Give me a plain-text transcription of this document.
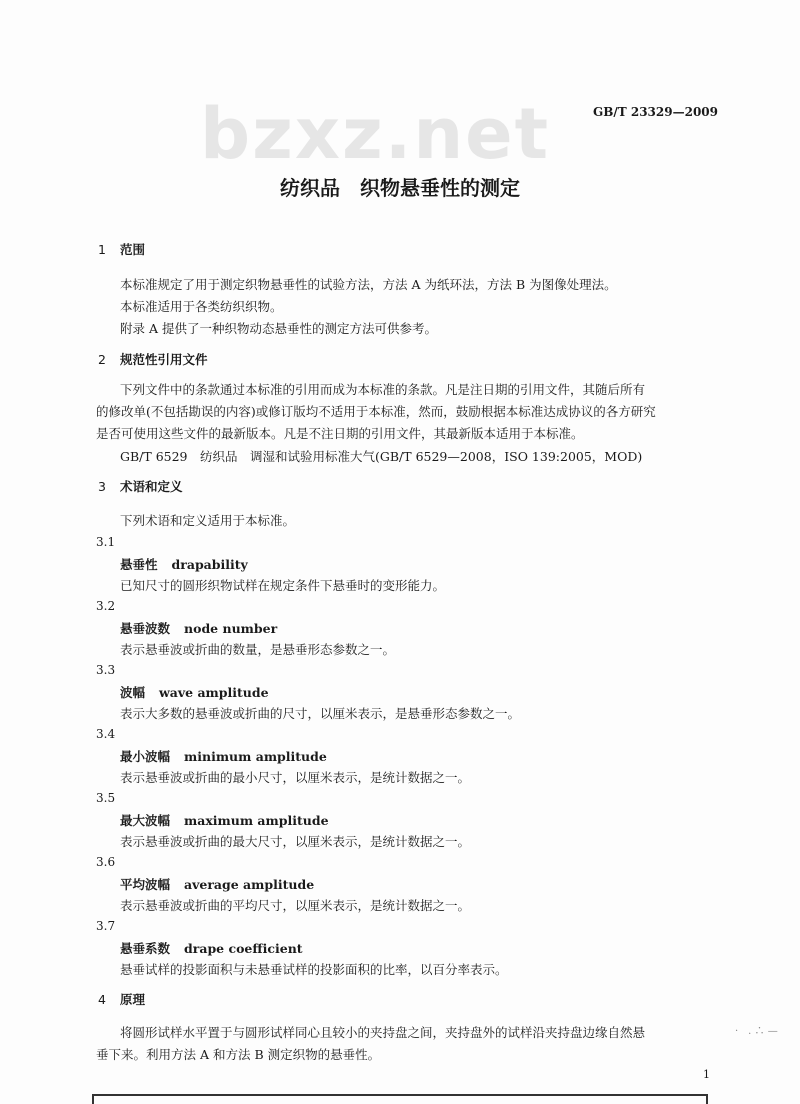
bzxz.net	GB/T 23329—2009
纺织品　织物悬垂性的测定
1 范围
本标准规定了用于测定织物悬垂性的试验方法，方法 A 为纸环法，方法 B 为图像处理法。
本标准适用于各类纺织织物。
附录 A 提供了一种织物动态悬垂性的测定方法可供参考。
2 规范性引用文件
下列文件中的条款通过本标准的引用而成为本标准的条款。凡是注日期的引用文件，其随后所有
的修改单(不包括勘误的内容)或修订版均不适用于本标准，然而，鼓励根据本标准达成协议的各方研究
是否可使用这些文件的最新版本。凡是不注日期的引用文件，其最新版本适用于本标准。
GB/T 6529　纺织品　调湿和试验用标准大气(GB/T 6529—2008，ISO 139:2005，MOD)
3 术语和定义
下列术语和定义适用于本标准。
3.1
悬垂性 drapability
已知尺寸的圆形织物试样在规定条件下悬垂时的变形能力。
3.2
悬垂波数 node number
表示悬垂波或折曲的数量，是悬垂形态参数之一。
3.3
波幅 wave amplitude
表示大多数的悬垂波或折曲的尺寸，以厘米表示，是悬垂形态参数之一。
3.4
最小波幅 minimum amplitude
表示悬垂波或折曲的最小尺寸，以厘米表示，是统计数据之一。
3.5
最大波幅 maximum amplitude
表示悬垂波或折曲的最大尺寸，以厘米表示，是统计数据之一。
3.6
平均波幅 average amplitude
表示悬垂波或折曲的平均尺寸，以厘米表示，是统计数据之一。
3.7
悬垂系数 drape coefficient
悬垂试样的投影面积与未悬垂试样的投影面积的比率，以百分率表示。
4 原理
将圆形试样水平置于与圆形试样同心且较小的夹持盘之间，夹持盘外的试样沿夹持盘边缘自然悬
垂下来。利用方法 A 和方法 B 测定织物的悬垂性。
·　. ∴ —
1
